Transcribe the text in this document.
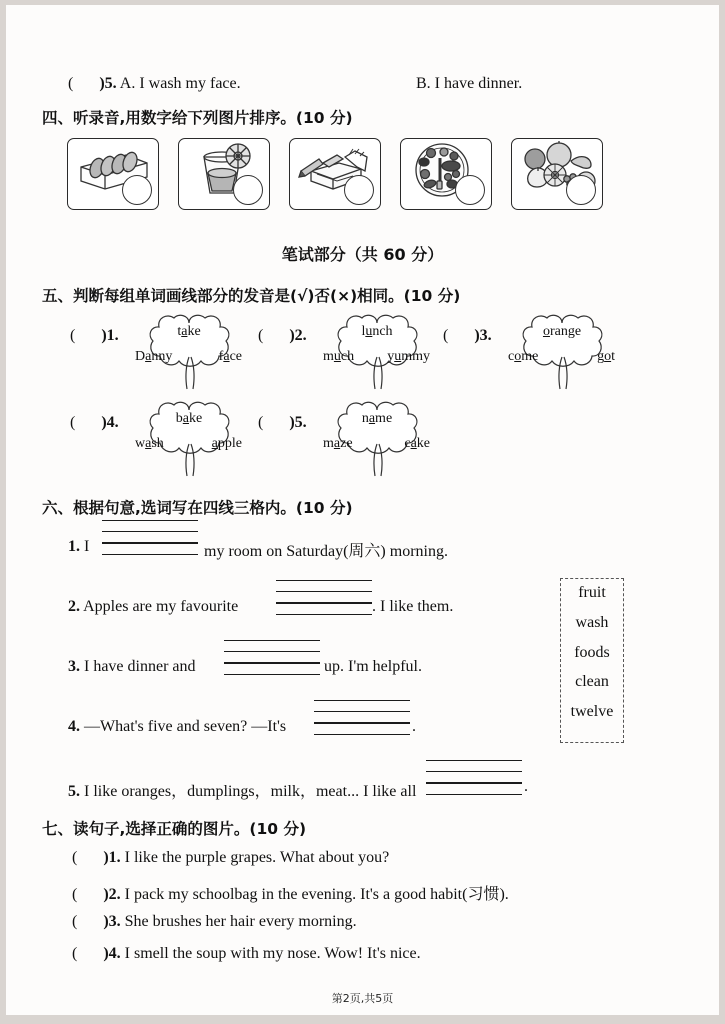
( )5. A. I wash my face.	B. I have dinner.
四、听录音,用数字给下列图片排序。(10 分)
笔试部分（共 60 分）
五、判断每组单词画线部分的发音是(√)否(×)相同。(10 分)
( )1.	take
Danny	face
( )2.	lunch
much yummy
( )3.	orange
come	got
( )4.	bake
wash	apple
( )5.	name
maze	cake
六、根据句意,选词写在四线三格内。(10 分)
1. I	my room on Saturday(周六) morning.
2. Apples are my favourite	. I like them.
3. I have dinner and	up. I'm helpful.
4. —What's five and seven? —It's	.
5. I like oranges，dumplings，milk，meat... I like all	.
fruit
wash
foods
clean
twelve
七、读句子,选择正确的图片。(10 分)
( )1. I like the purple grapes. What about you?
( )2. I pack my schoolbag in the evening. It's a good habit(习惯).
( )3. She brushes her hair every morning.
( )4. I smell the soup with my nose. Wow! It's nice.
第2页,共5页
